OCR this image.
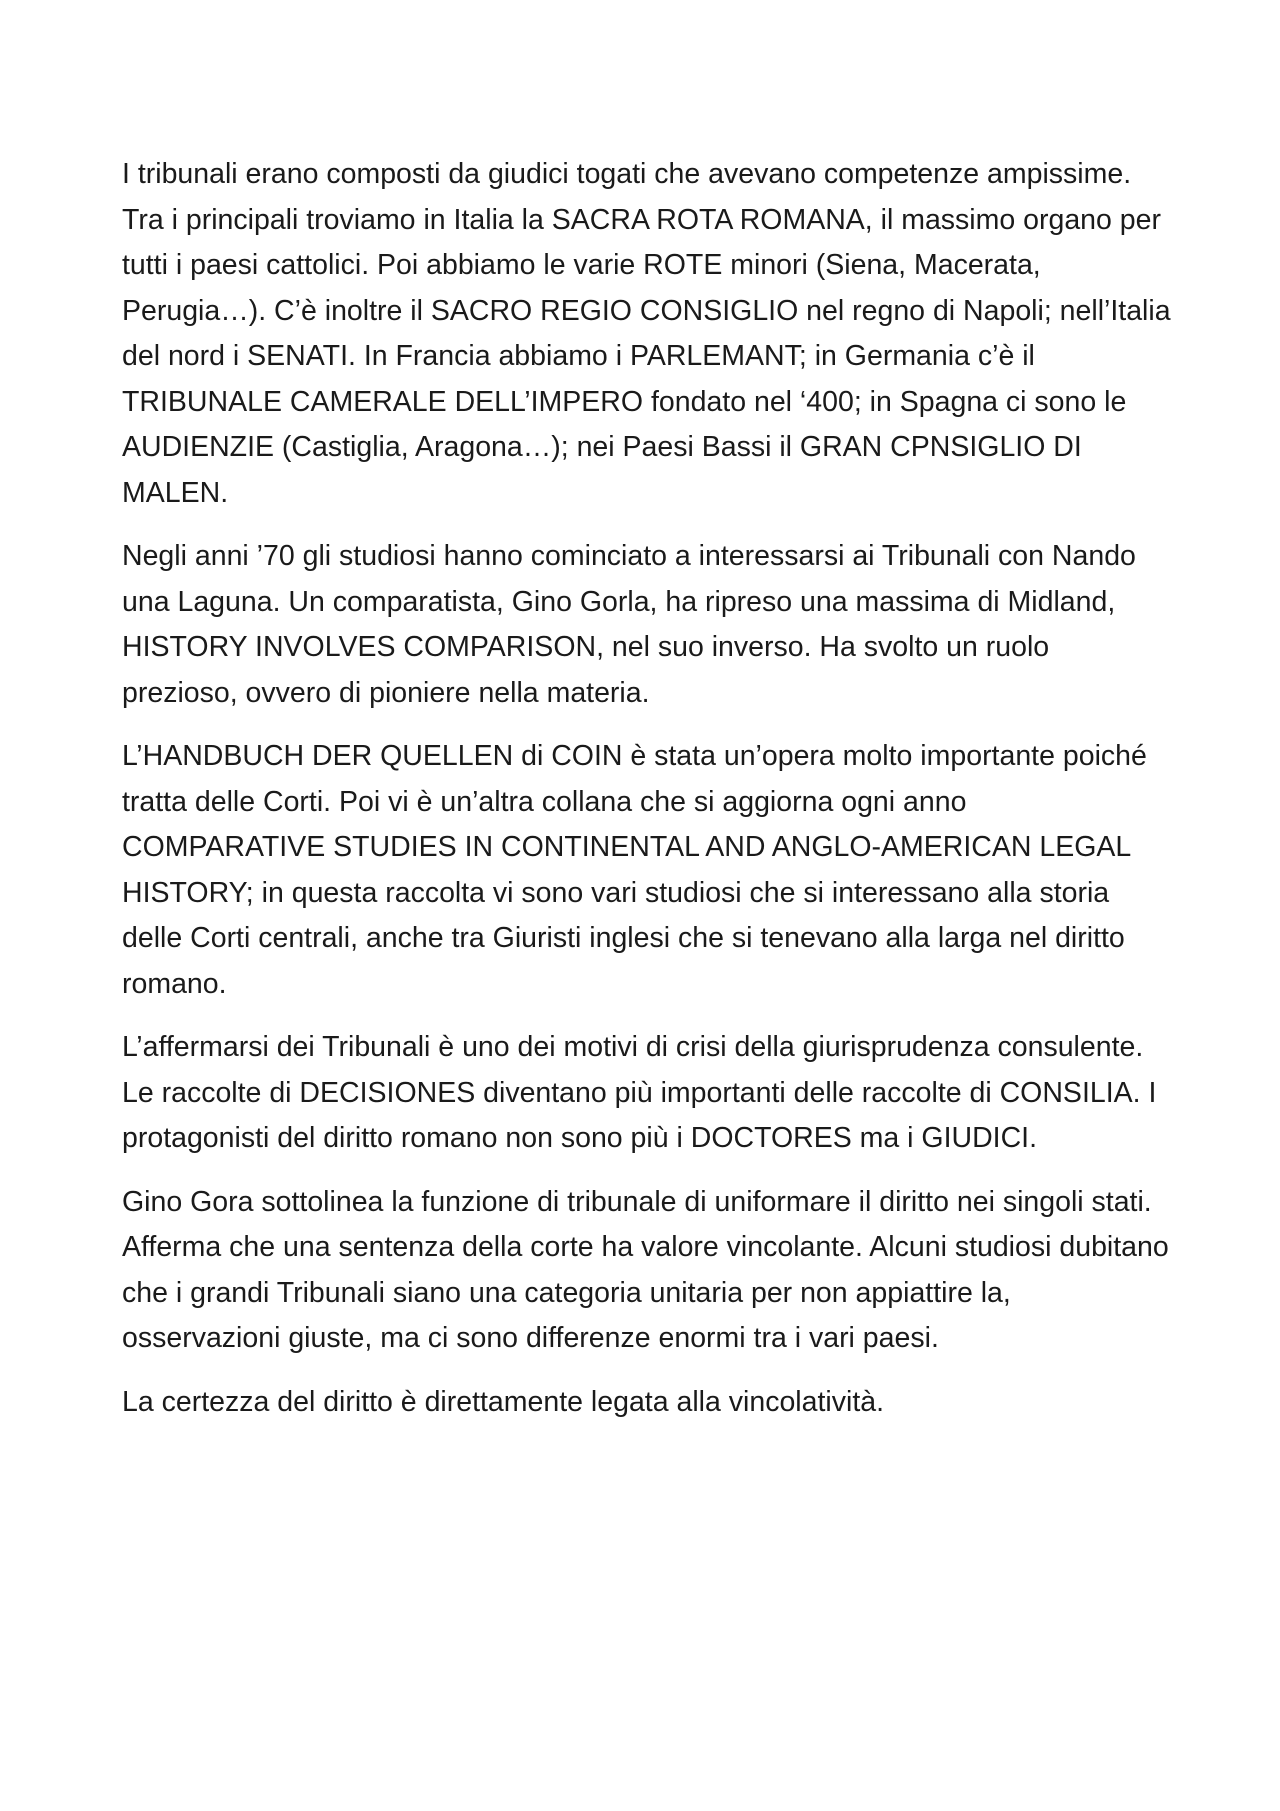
I tribunali erano composti da giudici togati che avevano competenze ampissime. Tra i principali troviamo in Italia la SACRA ROTA ROMANA, il massimo organo per tutti i paesi cattolici. Poi abbiamo le varie ROTE minori (Siena, Macerata, Perugia…). C’è inoltre il SACRO REGIO CONSIGLIO nel regno di Napoli; nell’Italia del nord i SENATI. In Francia abbiamo i PARLEMANT; in Germania c’è il TRIBUNALE CAMERALE DELL’IMPERO fondato nel ‘400; in Spagna ci sono le AUDIENZIE (Castiglia, Aragona…); nei Paesi Bassi il GRAN CPNSIGLIO DI MALEN.

Negli anni ’70 gli studiosi hanno cominciato a interessarsi ai Tribunali con Nando una Laguna. Un comparatista, Gino Gorla, ha ripreso una massima di Midland, HISTORY INVOLVES COMPARISON, nel suo inverso. Ha svolto un ruolo prezioso, ovvero di pioniere nella materia.

L’HANDBUCH DER QUELLEN di COIN è stata un’opera molto importante poiché tratta delle Corti. Poi vi è un’altra collana che si aggiorna ogni anno COMPARATIVE STUDIES IN CONTINENTAL AND ANGLO-AMERICAN LEGAL HISTORY; in questa raccolta vi sono vari studiosi che si interessano alla storia delle Corti centrali, anche tra Giuristi inglesi che si tenevano alla larga nel diritto romano.

L’affermarsi dei Tribunali è uno dei motivi di crisi della giurisprudenza consulente. Le raccolte di DECISIONES diventano più importanti delle raccolte di CONSILIA. I protagonisti del diritto romano non sono più i DOCTORES ma i GIUDICI.

Gino Gora sottolinea la funzione di tribunale di uniformare il diritto nei singoli stati. Afferma che una sentenza della corte ha valore vincolante. Alcuni studiosi dubitano che i grandi Tribunali siano una categoria unitaria per non appiattire la, osservazioni giuste, ma ci sono differenze enormi tra i vari paesi.

La certezza del diritto è direttamente legata alla vincolatività.
